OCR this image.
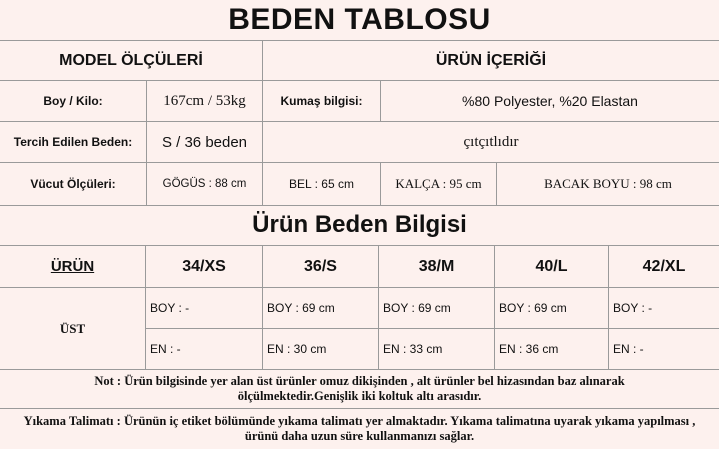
BEDEN TABLOSU
MODEL ÖLÇÜLERİ	ÜRÜN İÇERİĞİ
Boy / Kilo:	167cm / 53kg	Kumaş bilgisi:	%80 Polyester, %20 Elastan
Tercih Edilen Beden:	S / 36 beden	çıtçıtlıdır
Vücut Ölçüleri:	GÖGÜS : 88 cm	BEL : 65 cm	KALÇA : 95 cm	BACAK BOYU : 98 cm
Ürün Beden Bilgisi
ÜRÜN	34/XS	36/S	38/M	40/L	42/XL
ÜST
BOY : -	BOY : 69 cm	BOY : 69 cm	BOY : 69 cm	BOY : -
EN : -	EN : 30 cm	EN : 33 cm	EN : 36 cm	EN : -
Not : Ürün bilgisinde yer alan üst ürünler omuz dikişinden , alt ürünler bel hizasından baz alınarak ölçülmektedir.Genişlik iki koltuk altı arasıdır.
Yıkama Talimatı : Ürünün iç etiket bölümünde yıkama talimatı yer almaktadır. Yıkama talimatına uyarak yıkama yapılması , ürünü daha uzun süre kullanmanızı sağlar.
